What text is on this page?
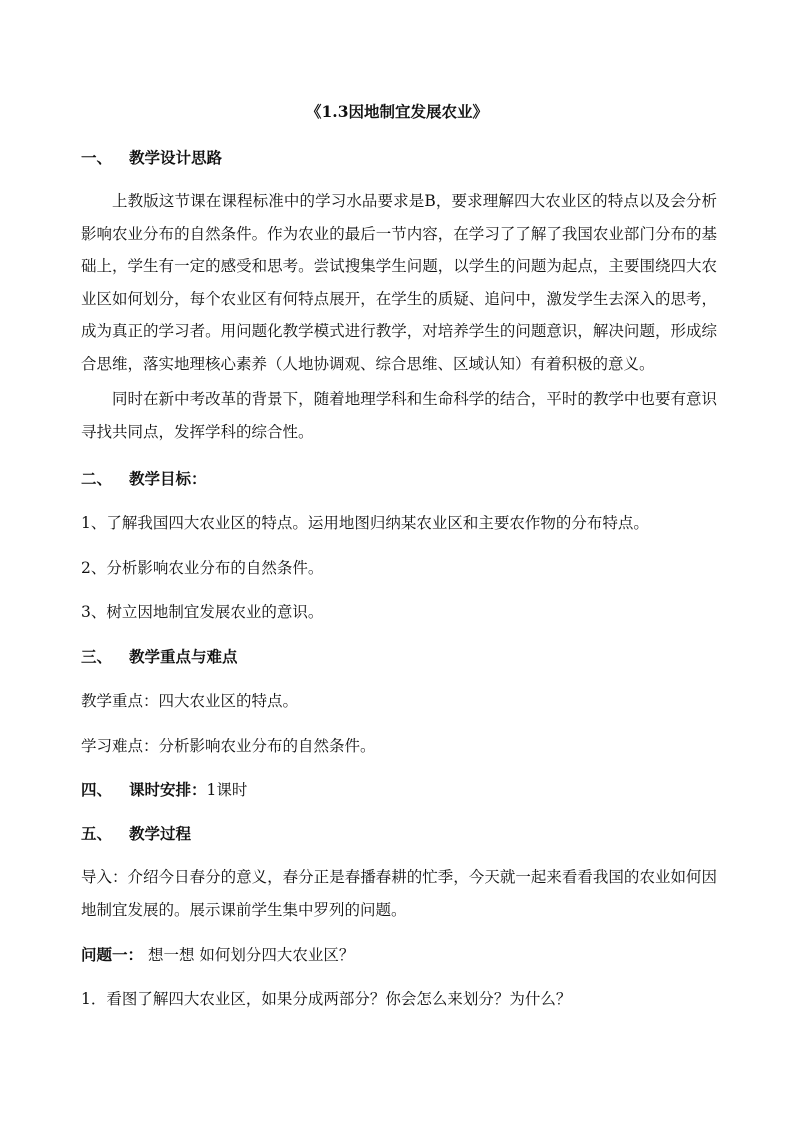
《1.3因地制宜发展农业》
一、 教学设计思路
上教版这节课在课程标准中的学习水品要求是B，要求理解四大农业区的特点以及会分析影响农业分布的自然条件。作为农业的最后一节内容，在学习了了解了我国农业部门分布的基础上，学生有一定的感受和思考。尝试搜集学生问题，以学生的问题为起点，主要围绕四大农业区如何划分，每个农业区有何特点展开，在学生的质疑、追问中，激发学生去深入的思考，成为真正的学习者。用问题化教学模式进行教学，对培养学生的问题意识，解决问题，形成综合思维，落实地理核心素养（人地协调观、综合思维、区域认知）有着积极的意义。
同时在新中考改革的背景下，随着地理学科和生命科学的结合，平时的教学中也要有意识寻找共同点，发挥学科的综合性。
二、 教学目标：
1、了解我国四大农业区的特点。运用地图归纳某农业区和主要农作物的分布特点。
2、分析影响农业分布的自然条件。
3、树立因地制宜发展农业的意识。
三、 教学重点与难点
教学重点：四大农业区的特点。
学习难点：分析影响农业分布的自然条件。
四、 课时安排：1课时
五、 教学过程
导入：介绍今日春分的意义，春分正是春播春耕的忙季，今天就一起来看看我国的农业如何因地制宜发展的。展示课前学生集中罗列的问题。
问题一： 想一想 如何划分四大农业区？
1．看图了解四大农业区，如果分成两部分？你会怎么来划分？为什么？
